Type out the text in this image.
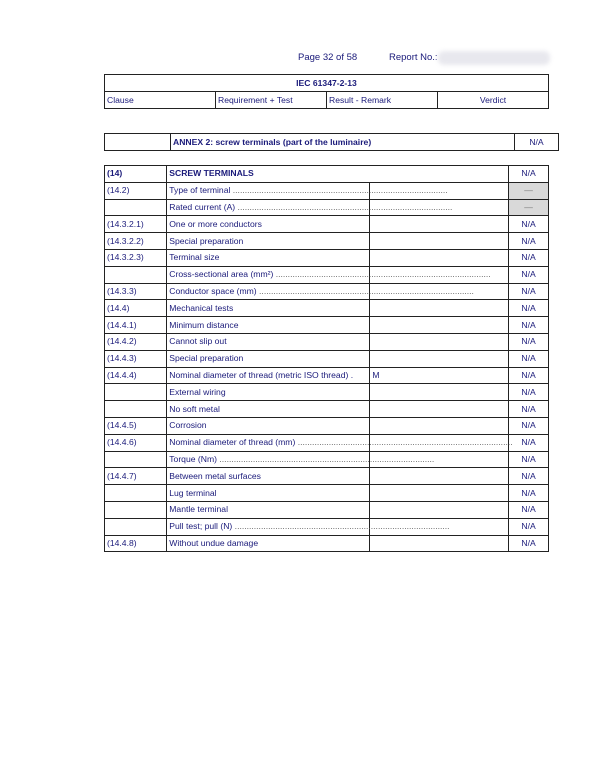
Page 32 of 58	Report No.:
IEC 61347-2-13
Clause	Requirement + Test	Result - Remark	Verdict
	ANNEX 2: screw terminals (part of the luminaire)	N/A
(14)	SCREW TERMINALS		N/A
(14.2)	Type of terminal ..........................................................................................		—
	Rated current (A) ..........................................................................................		—
(14.3.2.1)	One or more conductors		N/A
(14.3.2.2)	Special preparation		N/A
(14.3.2.3)	Terminal size		N/A
	Cross-sectional area (mm²) ..........................................................................................		N/A
(14.3.3)	Conductor space (mm) ..........................................................................................		N/A
(14.4)	Mechanical tests		N/A
(14.4.1)	Minimum distance		N/A
(14.4.2)	Cannot slip out		N/A
(14.4.3)	Special preparation		N/A
(14.4.4)	Nominal diameter of thread (metric ISO thread) .	M	N/A
	External wiring		N/A
	No soft metal		N/A
(14.4.5)	Corrosion		N/A
(14.4.6)	Nominal diameter of thread (mm) ..........................................................................................		N/A
	Torque (Nm) ..........................................................................................		N/A
(14.4.7)	Between metal surfaces		N/A
	Lug terminal		N/A
	Mantle terminal		N/A
	Pull test; pull (N) ..........................................................................................		N/A
(14.4.8)	Without undue damage		N/A
